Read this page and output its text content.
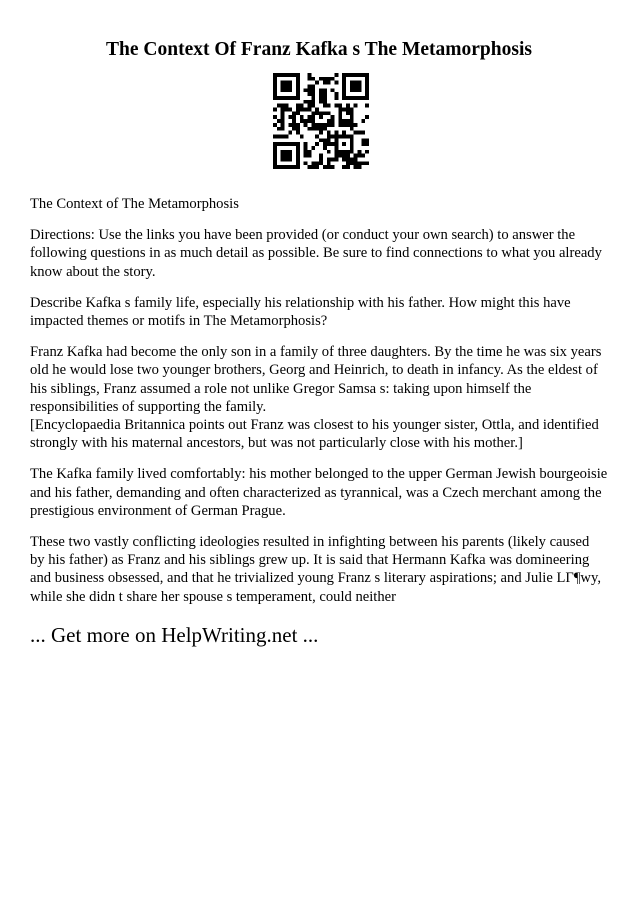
The Context Of Franz Kafka s The Metamorphosis

The Context of The Metamorphosis

Directions: Use the links you have been provided (or conduct your own search) to answer the
following questions in as much detail as possible. Be sure to find connections to what you already
know about the story.

Describe Kafka s family life, especially his relationship with his father. How might this have
impacted themes or motifs in The Metamorphosis?

Franz Kafka had become the only son in a family of three daughters. By the time he was six years
old he would lose two younger brothers, Georg and Heinrich, to death in infancy. As the eldest of
his siblings, Franz assumed a role not unlike Gregor Samsa s: taking upon himself the
responsibilities of supporting the family.
[Encyclopaedia Britannica points out Franz was closest to his younger sister, Ottla, and identified
strongly with his maternal ancestors, but was not particularly close with his mother.]

The Kafka family lived comfortably: his mother belonged to the upper German Jewish bourgeoisie
and his father, demanding and often characterized as tyrannical, was a Czech merchant among the
prestigious environment of German Prague.

These two vastly conflicting ideologies resulted in infighting between his parents (likely caused
by his father) as Franz and his siblings grew up. It is said that Hermann Kafka was domineering
and business obsessed, and that he trivialized young Franz s literary aspirations; and Julie LГ¶wy,
while she didn t share her spouse s temperament, could neither

... Get more on HelpWriting.net ...
